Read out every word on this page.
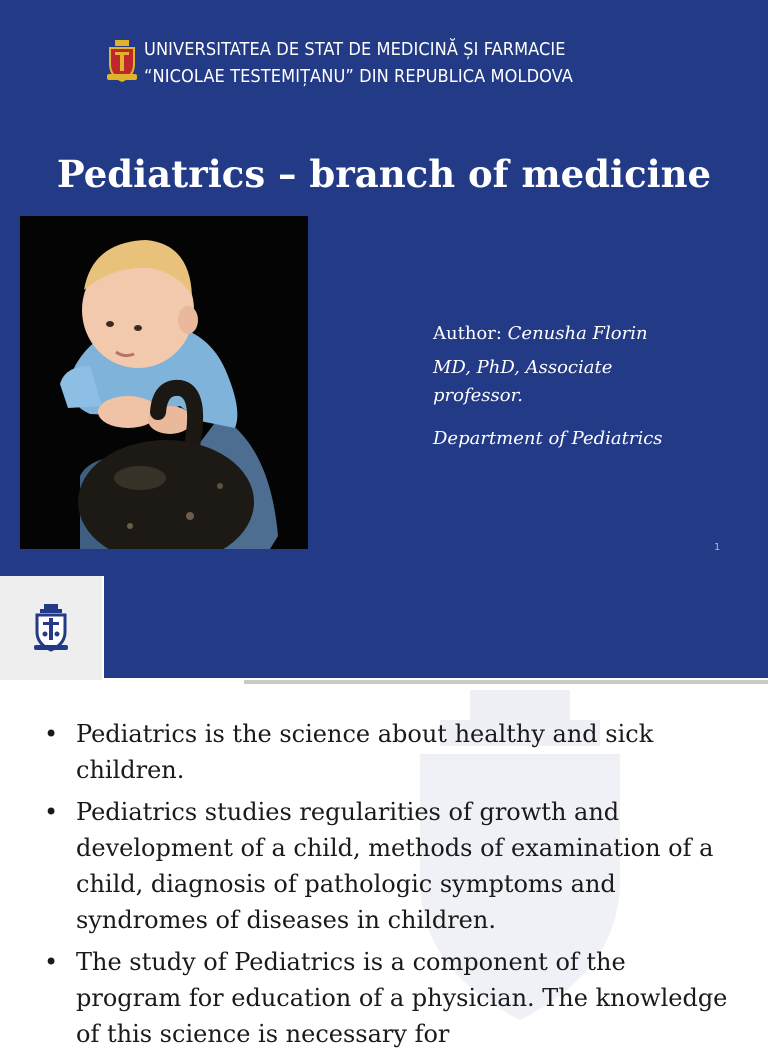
UNIVERSITATEA DE STAT DE MEDICINĂ ȘI FARMACIE
“NICOLAE TESTEMIȚANU” DIN REPUBLICA MOLDOVA
Pediatrics – branch of medicine

Author: Cenusha Florin

MD, PhD, Associate
professor.

Department of Pediatrics

1
• Pediatrics is the science about healthy and sick children.
• Pediatrics studies regularities of growth and development of a child, methods of examination of a child, diagnosis of pathologic symptoms and syndromes of diseases in children.
• The study of Pediatrics is a component of the program for education of a physician. The knowledge of this science is necessary for
